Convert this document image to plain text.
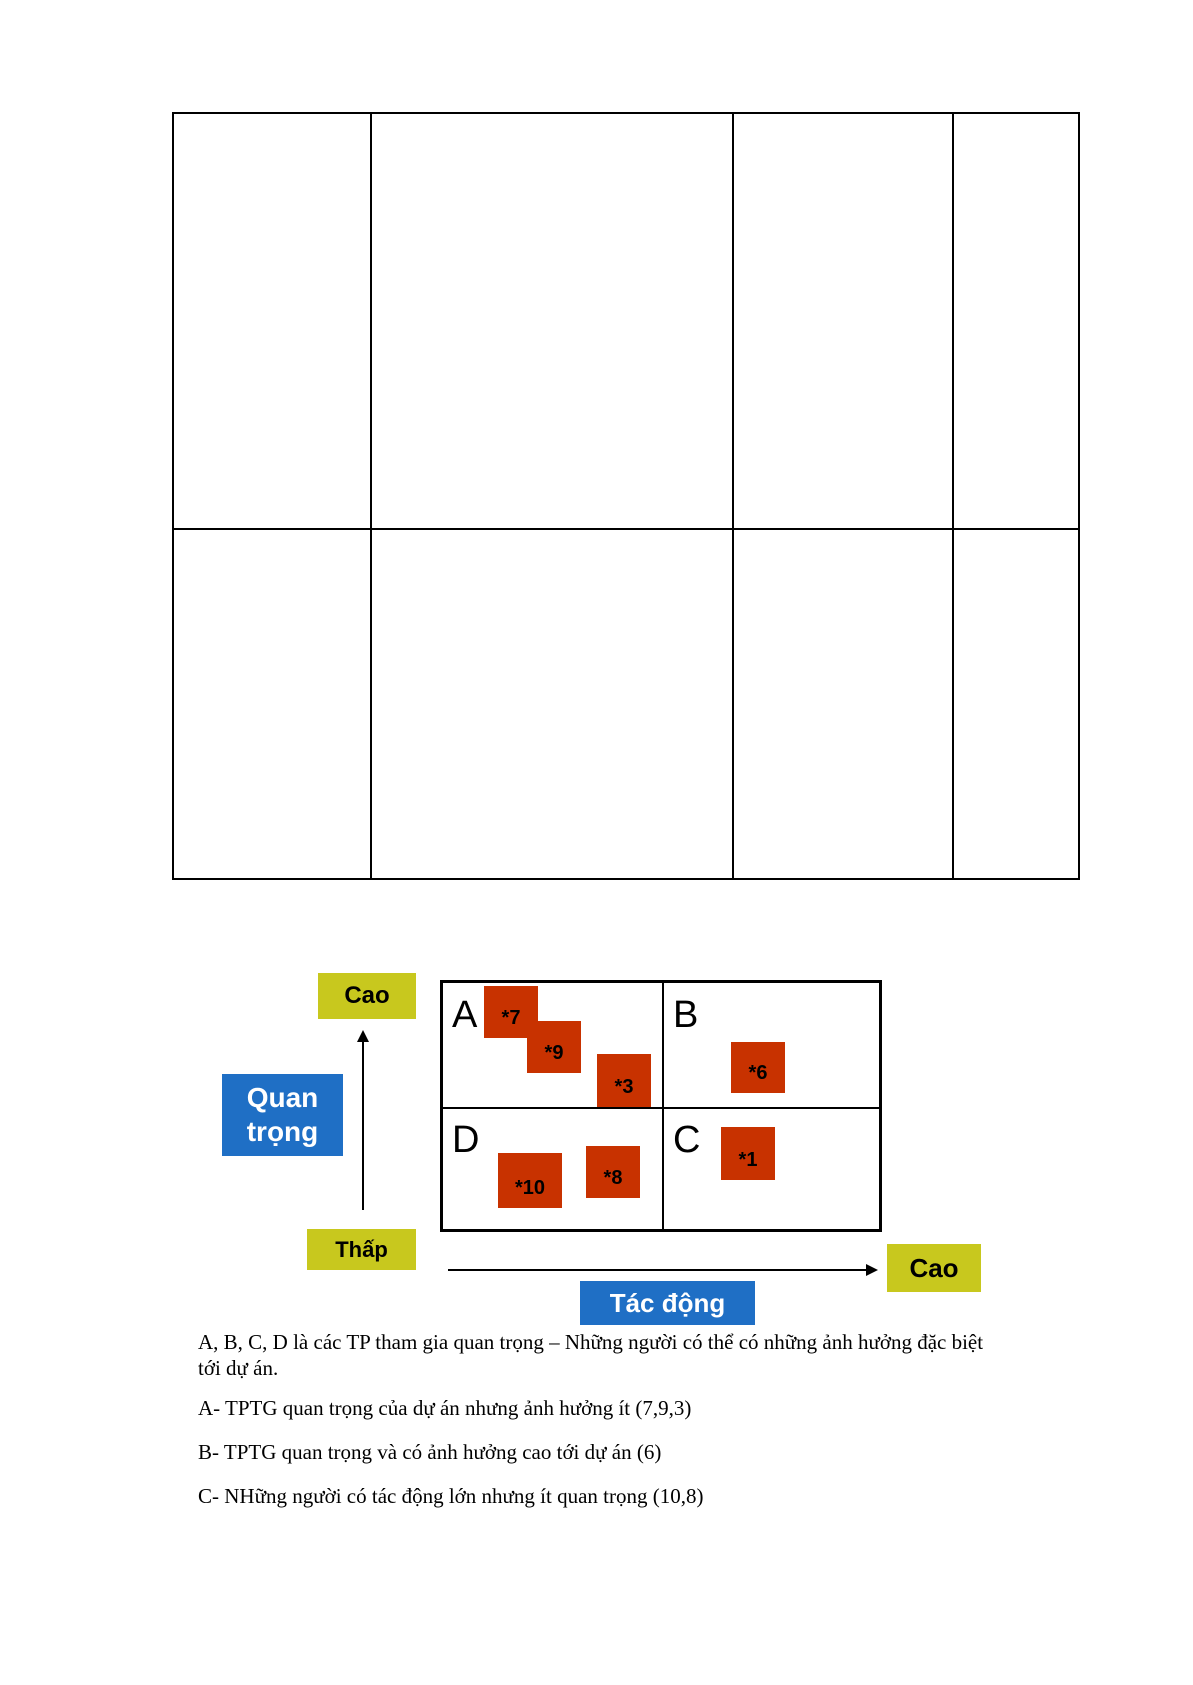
Cao
Quan
trọng
Thấp
A	B
D	C
*7
*9
*3
*6
*10	*8
*1
Cao
Tác động
A, B, C, D là các TP tham gia quan trọng – Những người có thể có những ảnh hưởng đặc biệt
tới dự án.
A- TPTG quan trọng của dự án nhưng ảnh hưởng ít (7,9,3)
B- TPTG quan trọng và có ảnh hưởng cao tới dự án (6)
C- NHững người có tác động lớn nhưng ít quan trọng (10,8)
